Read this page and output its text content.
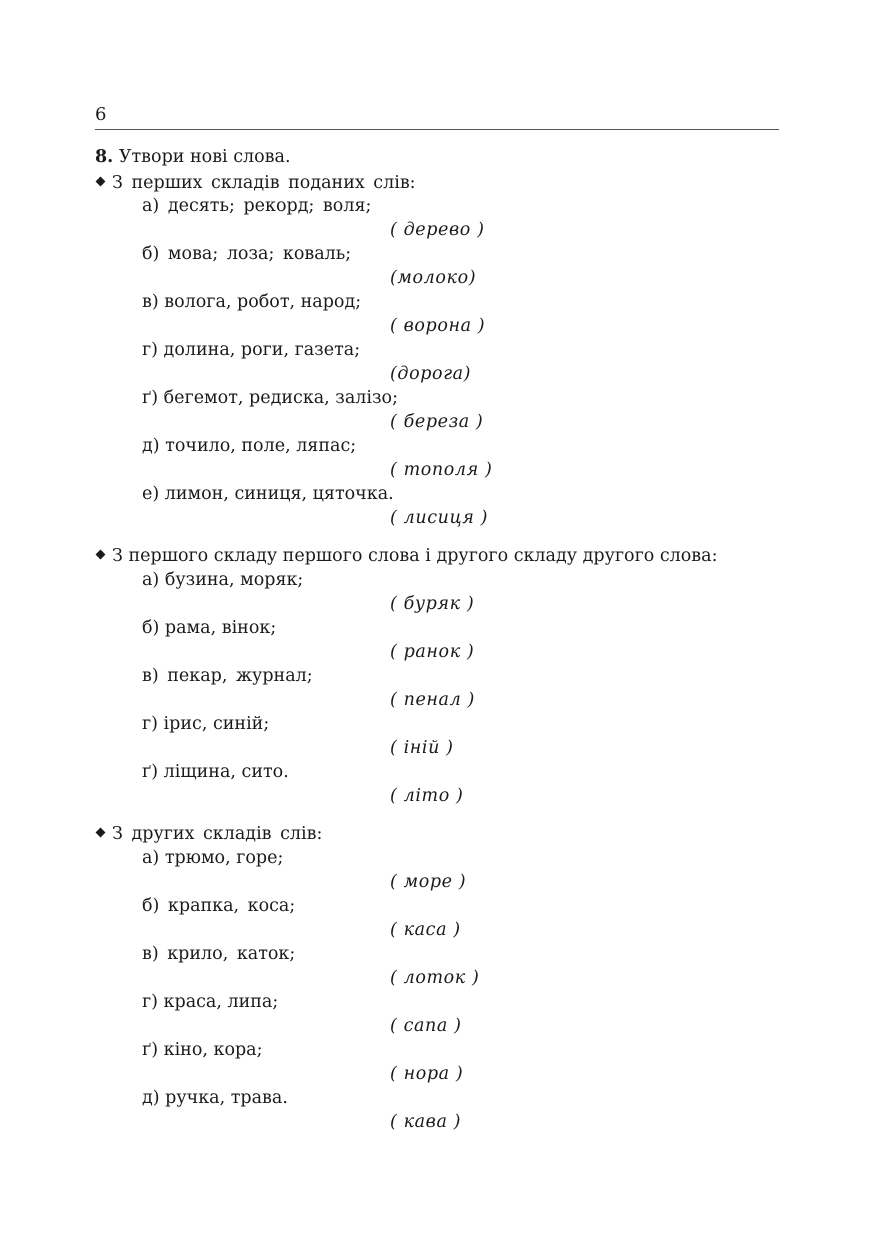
6
8. Утвори нові слова.
З перших складів поданих слів:
а) десять; рекорд; воля;
( дерево )
б) мова; лоза; коваль;
(молоко)
в) волога, робот, народ;
( ворона )
г) долина, роги, газета;
(дорога)
ґ) бегемот, редиска, залізо;
( береза )
д) точило, поле, ляпас;
( тополя )
е) лимон, синиця, цяточка.
( лисиця )
З першого складу першого слова і другого складу другого слова:
а) бузина, моряк;
( буряк )
б) рама, вінок;
( ранок )
в) пекар, журнал;
( пенал )
г) ірис, синій;
( іній )
ґ) ліщина, сито.
( літо )
З других складів слів:
а) трюмо, горе;
( море )
б) крапка, коса;
( каса )
в) крило, каток;
( лоток )
г) краса, липа;
( сапа )
ґ) кіно, кора;
( нора )
д) ручка, трава.
( кава )
